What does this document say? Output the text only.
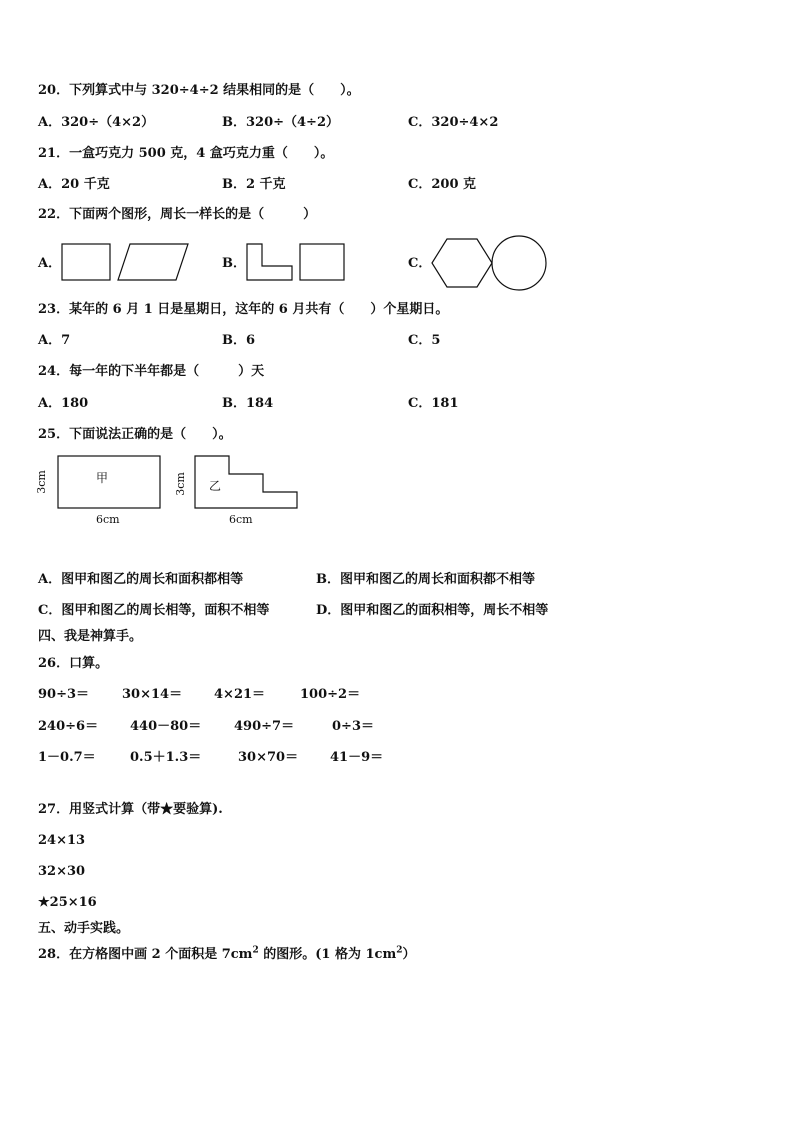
20．下列算式中与 320÷4÷2 结果相同的是（　　）。
A．320÷（4×2）	B．320÷（4÷2）	C．320÷4×2
21．一盒巧克力 500 克，4 盒巧克力重（　　）。
A．20 千克	B．2 千克	C．200 克
22．下面两个图形，周长一样长的是（　　　）
A．	B．	C．
23．某年的 6 月 1 日是星期日，这年的 6 月共有（　　）个星期日。
A．7	B．6	C．5
24．每一年的下半年都是（　　　）天
A．180	B．184	C．181
25．下面说法正确的是（　　）。
甲
3cm
6cm
乙
3cm
6cm
A．图甲和图乙的周长和面积都相等	B．图甲和图乙的周长和面积都不相等
C．图甲和图乙的周长相等，面积不相等	D．图甲和图乙的面积相等，周长不相等
四、我是神算手。
26．口算。
90÷3＝	30×14＝ 4×21＝	100÷2＝
240÷6＝ 440－80＝	490÷7＝	0÷3＝
1－0.7＝	0.5＋1.3＝	30×70＝ 41－9＝
27．用竖式计算（带★要验算).
24×13
32×30
★25×16
五、动手实践。
28．在方格图中画 2 个面积是 $7cm^2$ 的图形。(1 格为 $1cm^2$）
